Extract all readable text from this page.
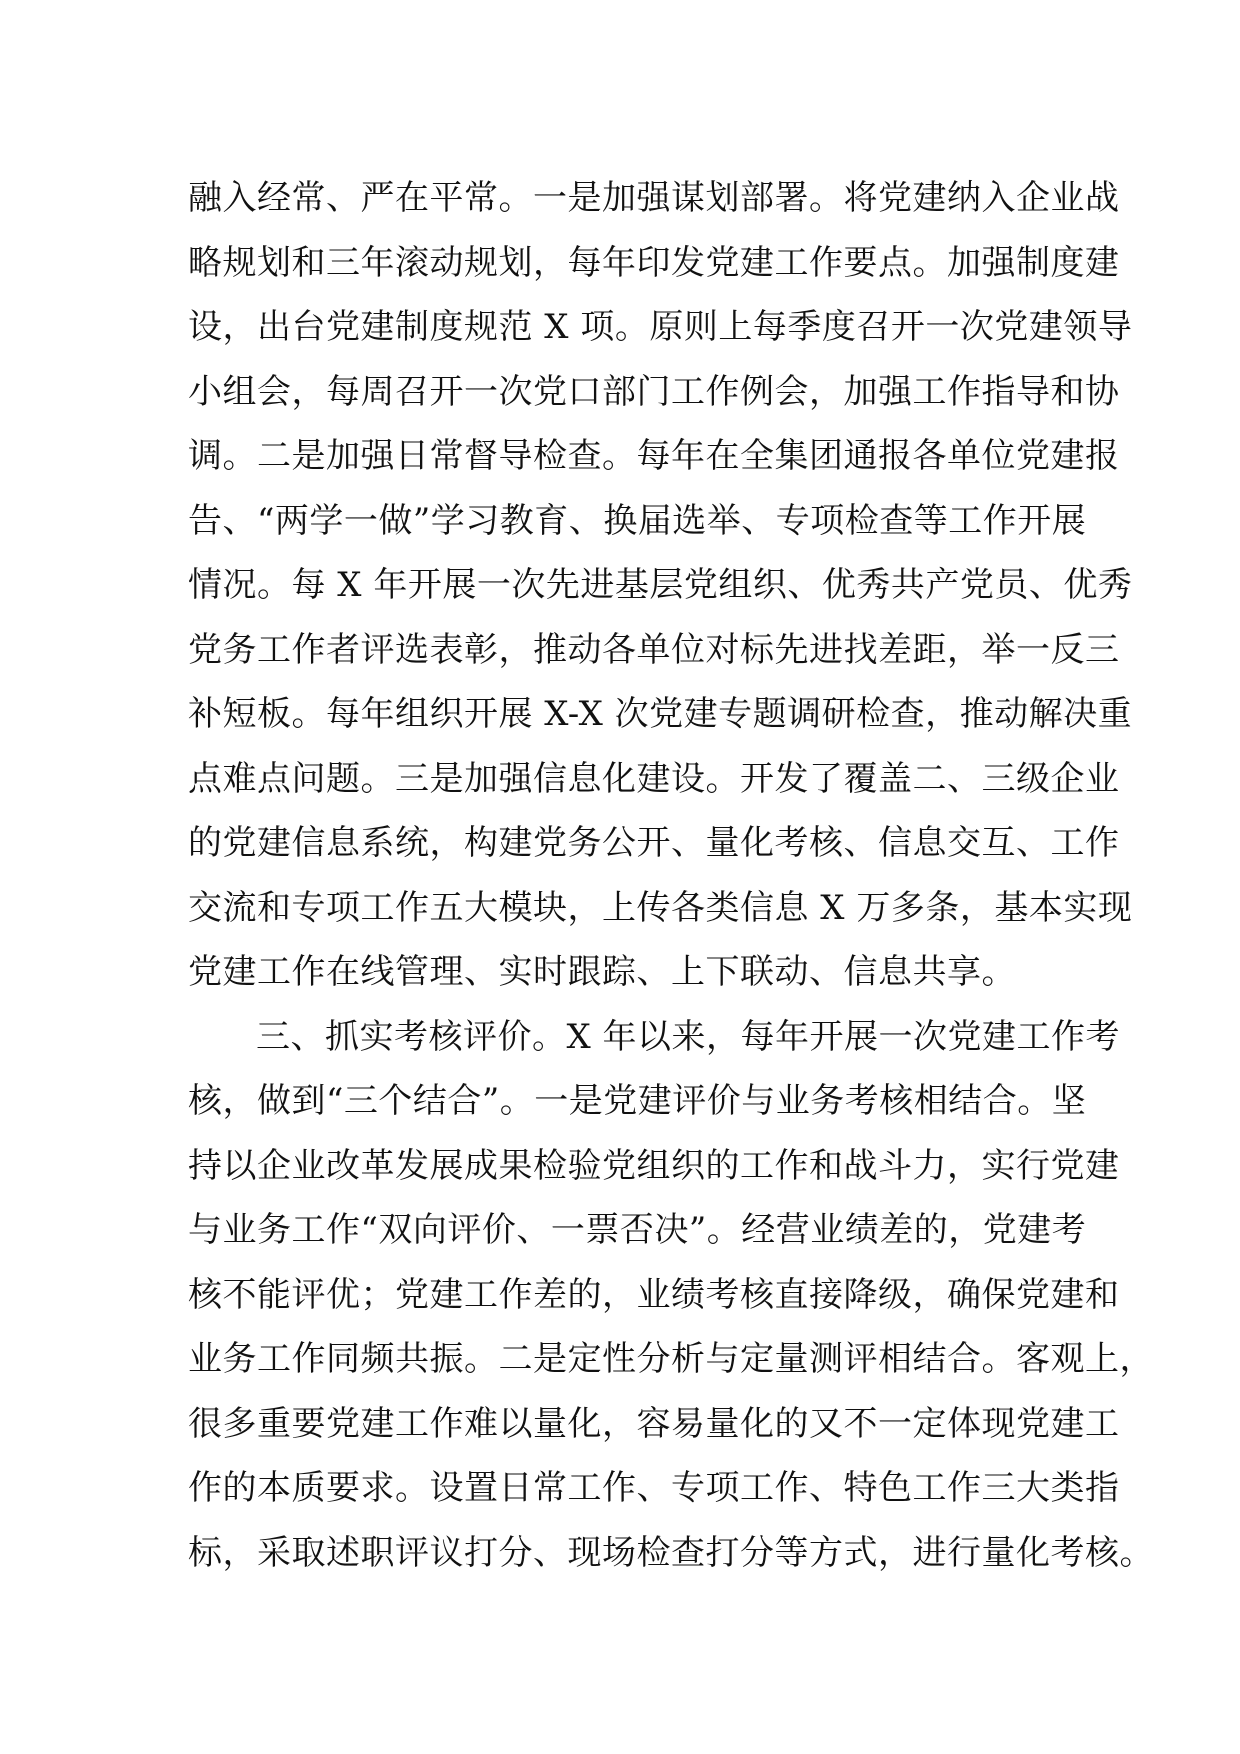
融入经常、严在平常。一是加强谋划部署。将党建纳入企业战
略规划和三年滚动规划，每年印发党建工作要点。加强制度建
设，出台党建制度规范 X 项。原则上每季度召开一次党建领导
小组会，每周召开一次党口部门工作例会，加强工作指导和协
调。二是加强日常督导检查。每年在全集团通报各单位党建报
告、“两学一做”学习教育、换届选举、专项检查等工作开展
情况。每 X 年开展一次先进基层党组织、优秀共产党员、优秀
党务工作者评选表彰，推动各单位对标先进找差距，举一反三
补短板。每年组织开展 X-X 次党建专题调研检查，推动解决重
点难点问题。三是加强信息化建设。开发了覆盖二、三级企业
的党建信息系统，构建党务公开、量化考核、信息交互、工作
交流和专项工作五大模块，上传各类信息 X 万多条，基本实现
党建工作在线管理、实时跟踪、上下联动、信息共享。
三、抓实考核评价。X 年以来，每年开展一次党建工作考
核，做到“三个结合”。一是党建评价与业务考核相结合。坚
持以企业改革发展成果检验党组织的工作和战斗力，实行党建
与业务工作“双向评价、一票否决”。经营业绩差的，党建考
核不能评优；党建工作差的，业绩考核直接降级，确保党建和
业务工作同频共振。二是定性分析与定量测评相结合。客观上，
很多重要党建工作难以量化，容易量化的又不一定体现党建工
作的本质要求。设置日常工作、专项工作、特色工作三大类指
标，采取述职评议打分、现场检查打分等方式，进行量化考核。
